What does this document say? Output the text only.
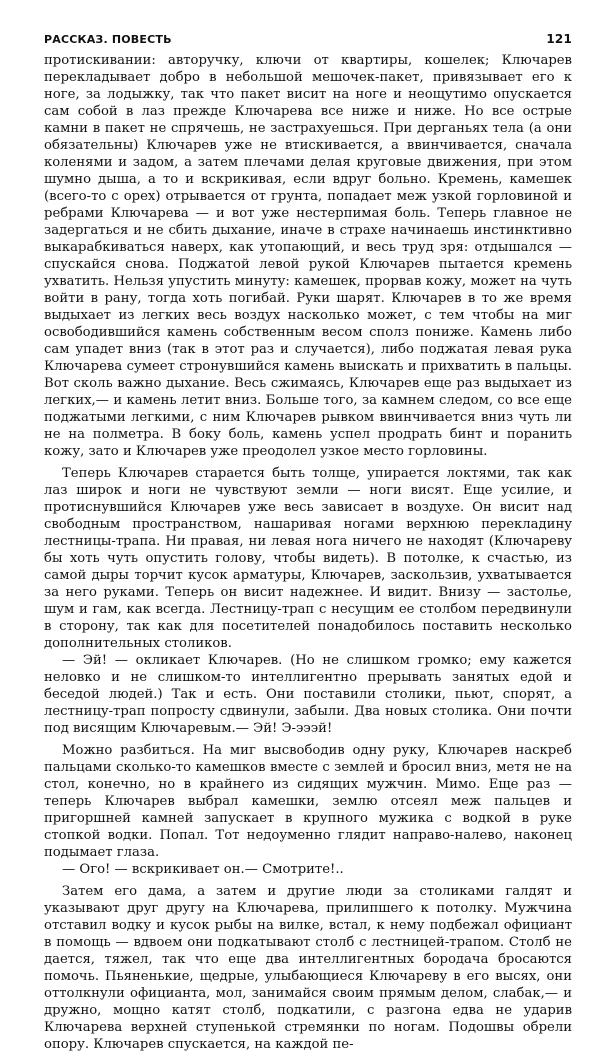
РАССКАЗ. ПОВЕСТЬ	121

протискивании: авторучку, ключи от квартиры, кошелек; Ключарев перекладывает добро в небольшой мешочек-пакет, привязывает его к ноге, за лодыжку, так что пакет висит на ноге и неощутимо опускается сам собой в лаз прежде Ключарева все ниже и ниже. Но все острые камни в пакет не спрячешь, не застрахуешься. При дерганьях тела (а они обязательны) Ключарев уже не втискивается, а ввинчивается, сначала коленями и задом, а затем плечами делая круговые движения, при этом шумно дыша, а то и вскрикивая, если вдруг больно. Кремень, камешек (всего-то с орех) отрывается от грунта, попадает меж узкой горловиной и ребрами Ключарева — и вот уже нестерпимая боль. Теперь главное не задергаться и не сбить дыхание, иначе в страхе начинаешь инстинктивно выкарабкиваться наверх, как утопающий, и весь труд зря: отдышался — спускайся снова. Поджатой левой рукой Ключарев пытается кремень ухватить. Нельзя упустить минуту: камешек, прорвав кожу, может на чуть войти в рану, тогда хоть погибай. Руки шарят. Ключарев в то же время выдыхает из легких весь воздух насколько может, с тем чтобы на миг освободившийся камень собственным весом сполз пониже. Камень либо сам упадет вниз (так в этот раз и случается), либо поджатая левая рука Ключарева сумеет стронувшийся камень выискать и прихватить в пальцы. Вот сколь важно дыхание. Весь сжимаясь, Ключарев еще раз выдыхает из легких,— и камень летит вниз. Больше того, за камнем следом, со все еще поджатыми легкими, с ним Ключарев рывком ввинчивается вниз чуть ли не на полметра. В боку боль, камень успел продрать бинт и поранить кожу, зато и Ключарев уже преодолел узкое место горловины.

Теперь Ключарев старается быть толще, упирается локтями, так как лаз широк и ноги не чувствуют земли — ноги висят. Еще усилие, и протиснувшийся Ключарев уже весь зависает в воздухе. Он висит над свободным пространством, нашаривая ногами верхнюю перекладину лестницы-трапа. Ни правая, ни левая нога ничего не находят (Ключареву бы хоть чуть опустить голову, чтобы видеть). В потолке, к счастью, из самой дыры торчит кусок арматуры, Ключарев, заскользив, ухватывается за него руками. Теперь он висит надежнее. И видит. Внизу — застолье, шум и гам, как всегда. Лестницу-трап с несущим ее столбом передвинули в сторону, так как для посетителей понадобилось поставить несколько дополнительных столиков.

— Эй! — окликает Ключарев. (Но не слишком громко; ему кажется неловко и не слишком-то интеллигентно прерывать занятых едой и беседой людей.) Так и есть. Они поставили столики, пьют, спорят, а лестницу-трап попросту сдвинули, забыли. Два новых столика. Они почти под висящим Ключаревым.— Эй! Э-эээй!

Можно разбиться. На миг высвободив одну руку, Ключарев наскреб пальцами сколько-то камешков вместе с землей и бросил вниз, метя не на стол, конечно, но в крайнего из сидящих мужчин. Мимо. Еще раз — теперь Ключарев выбрал камешки, землю отсеял меж пальцев и пригоршней камней запускает в крупного мужика с водкой в руке стопкой водки. Попал. Тот недоуменно глядит направо-налево, наконец подымает глаза.

— Ого! — вскрикивает он.— Смотрите!..

Затем его дама, а затем и другие люди за столиками галдят и указывают друг другу на Ключарева, прилипшего к потолку. Мужчина отставил водку и кусок рыбы на вилке, встал, к нему подбежал официант в помощь — вдвоем они подкатывают столб с лестницей-трапом. Столб не дается, тяжел, так что еще два интеллигентных бородача бросаются помочь. Пьяненькие, щедрые, улыбающиеся Ключареву в его высях, они оттолкнули официанта, мол, занимайся своим прямым делом, слабак,— и дружно, мощно катят столб, подкатили, с разгона едва не ударив Ключарева верхней ступенькой стремянки по ногам. Подошвы обрели опору. Ключарев спускается, на каждой пе-
